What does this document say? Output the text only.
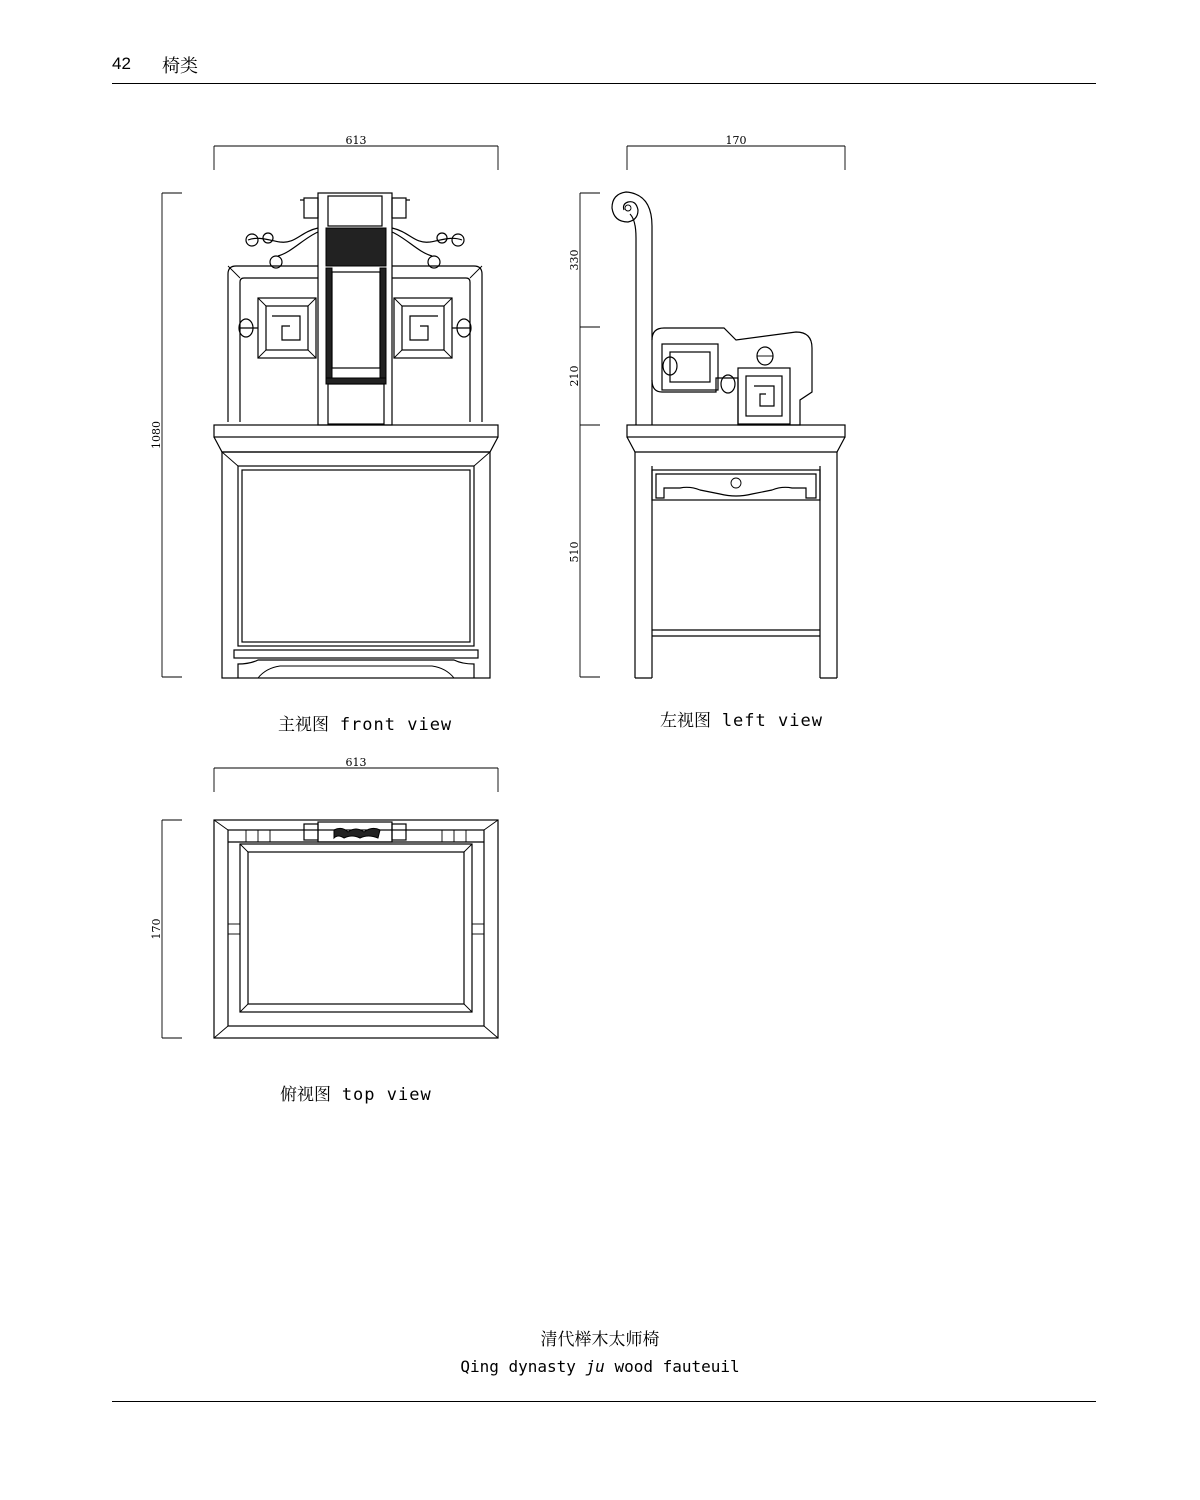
42 椅类
613
1080
170
330
210
510
613
170
主视图 front view	左视图 left view
俯视图 top view
清代榉木太师椅
Qing dynasty ju wood fauteuil
